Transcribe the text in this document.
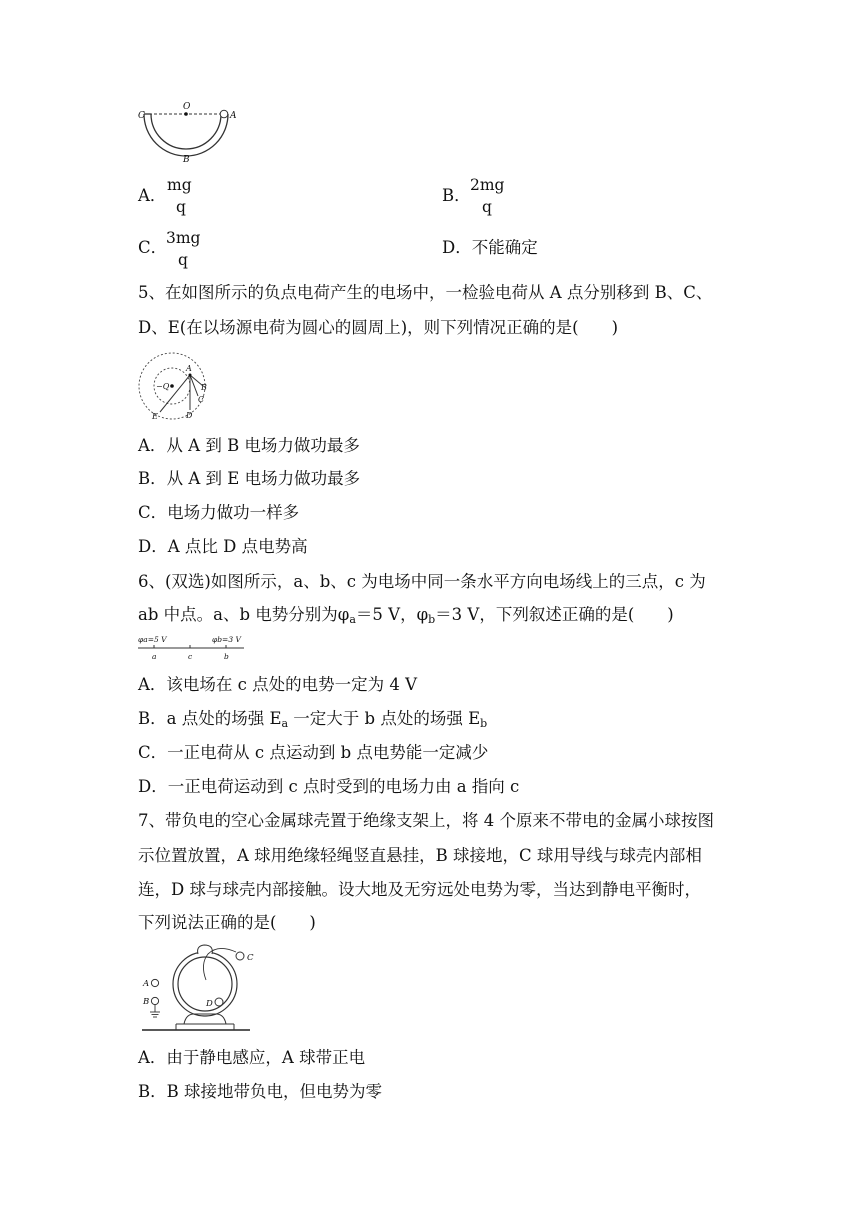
C
O
A
B
A．
mg
q
B．
2mg
q
C．
3mg
q
D．不能确定
5、在如图所示的负点电荷产生的电场中，一检验电荷从 A 点分别移到 B、C、
D、E(在以场源电荷为圆心的圆周上)，则下列情况正确的是(　　)
−Q
A
B
C
D
E
A．从 A 到 B 电场力做功最多
B．从 A 到 E 电场力做功最多
C．电场力做功一样多
D．A 点比 D 点电势高
6、(双选)如图所示，a、b、c 为电场中同一条水平方向电场线上的三点，c 为
ab 中点。a、b 电势分别为$\varphi_a=5$ V，$\varphi_b=3$ V，下列叙述正确的是(　　)
φa=5 V	φb=3 V
a	c	b
A．该电场在 c 点处的电势一定为 4 V
B．a 点处的场强 $E_a$ 一定大于 b 点处的场强 $E_b$
C．一正电荷从 c 点运动到 b 点电势能一定减少
D．一正电荷运动到 c 点时受到的电场力由 a 指向 c
7、带负电的空心金属球壳置于绝缘支架上，将 4 个原来不带电的金属小球按图
示位置放置，A 球用绝缘轻绳竖直悬挂，B 球接地，C 球用导线与球壳内部相
连，D 球与球壳内部接触。设大地及无穷远处电势为零，当达到静电平衡时，
下列说法正确的是(　　)
C
D
A
B
A．由于静电感应，A 球带正电
B．B 球接地带负电，但电势为零
